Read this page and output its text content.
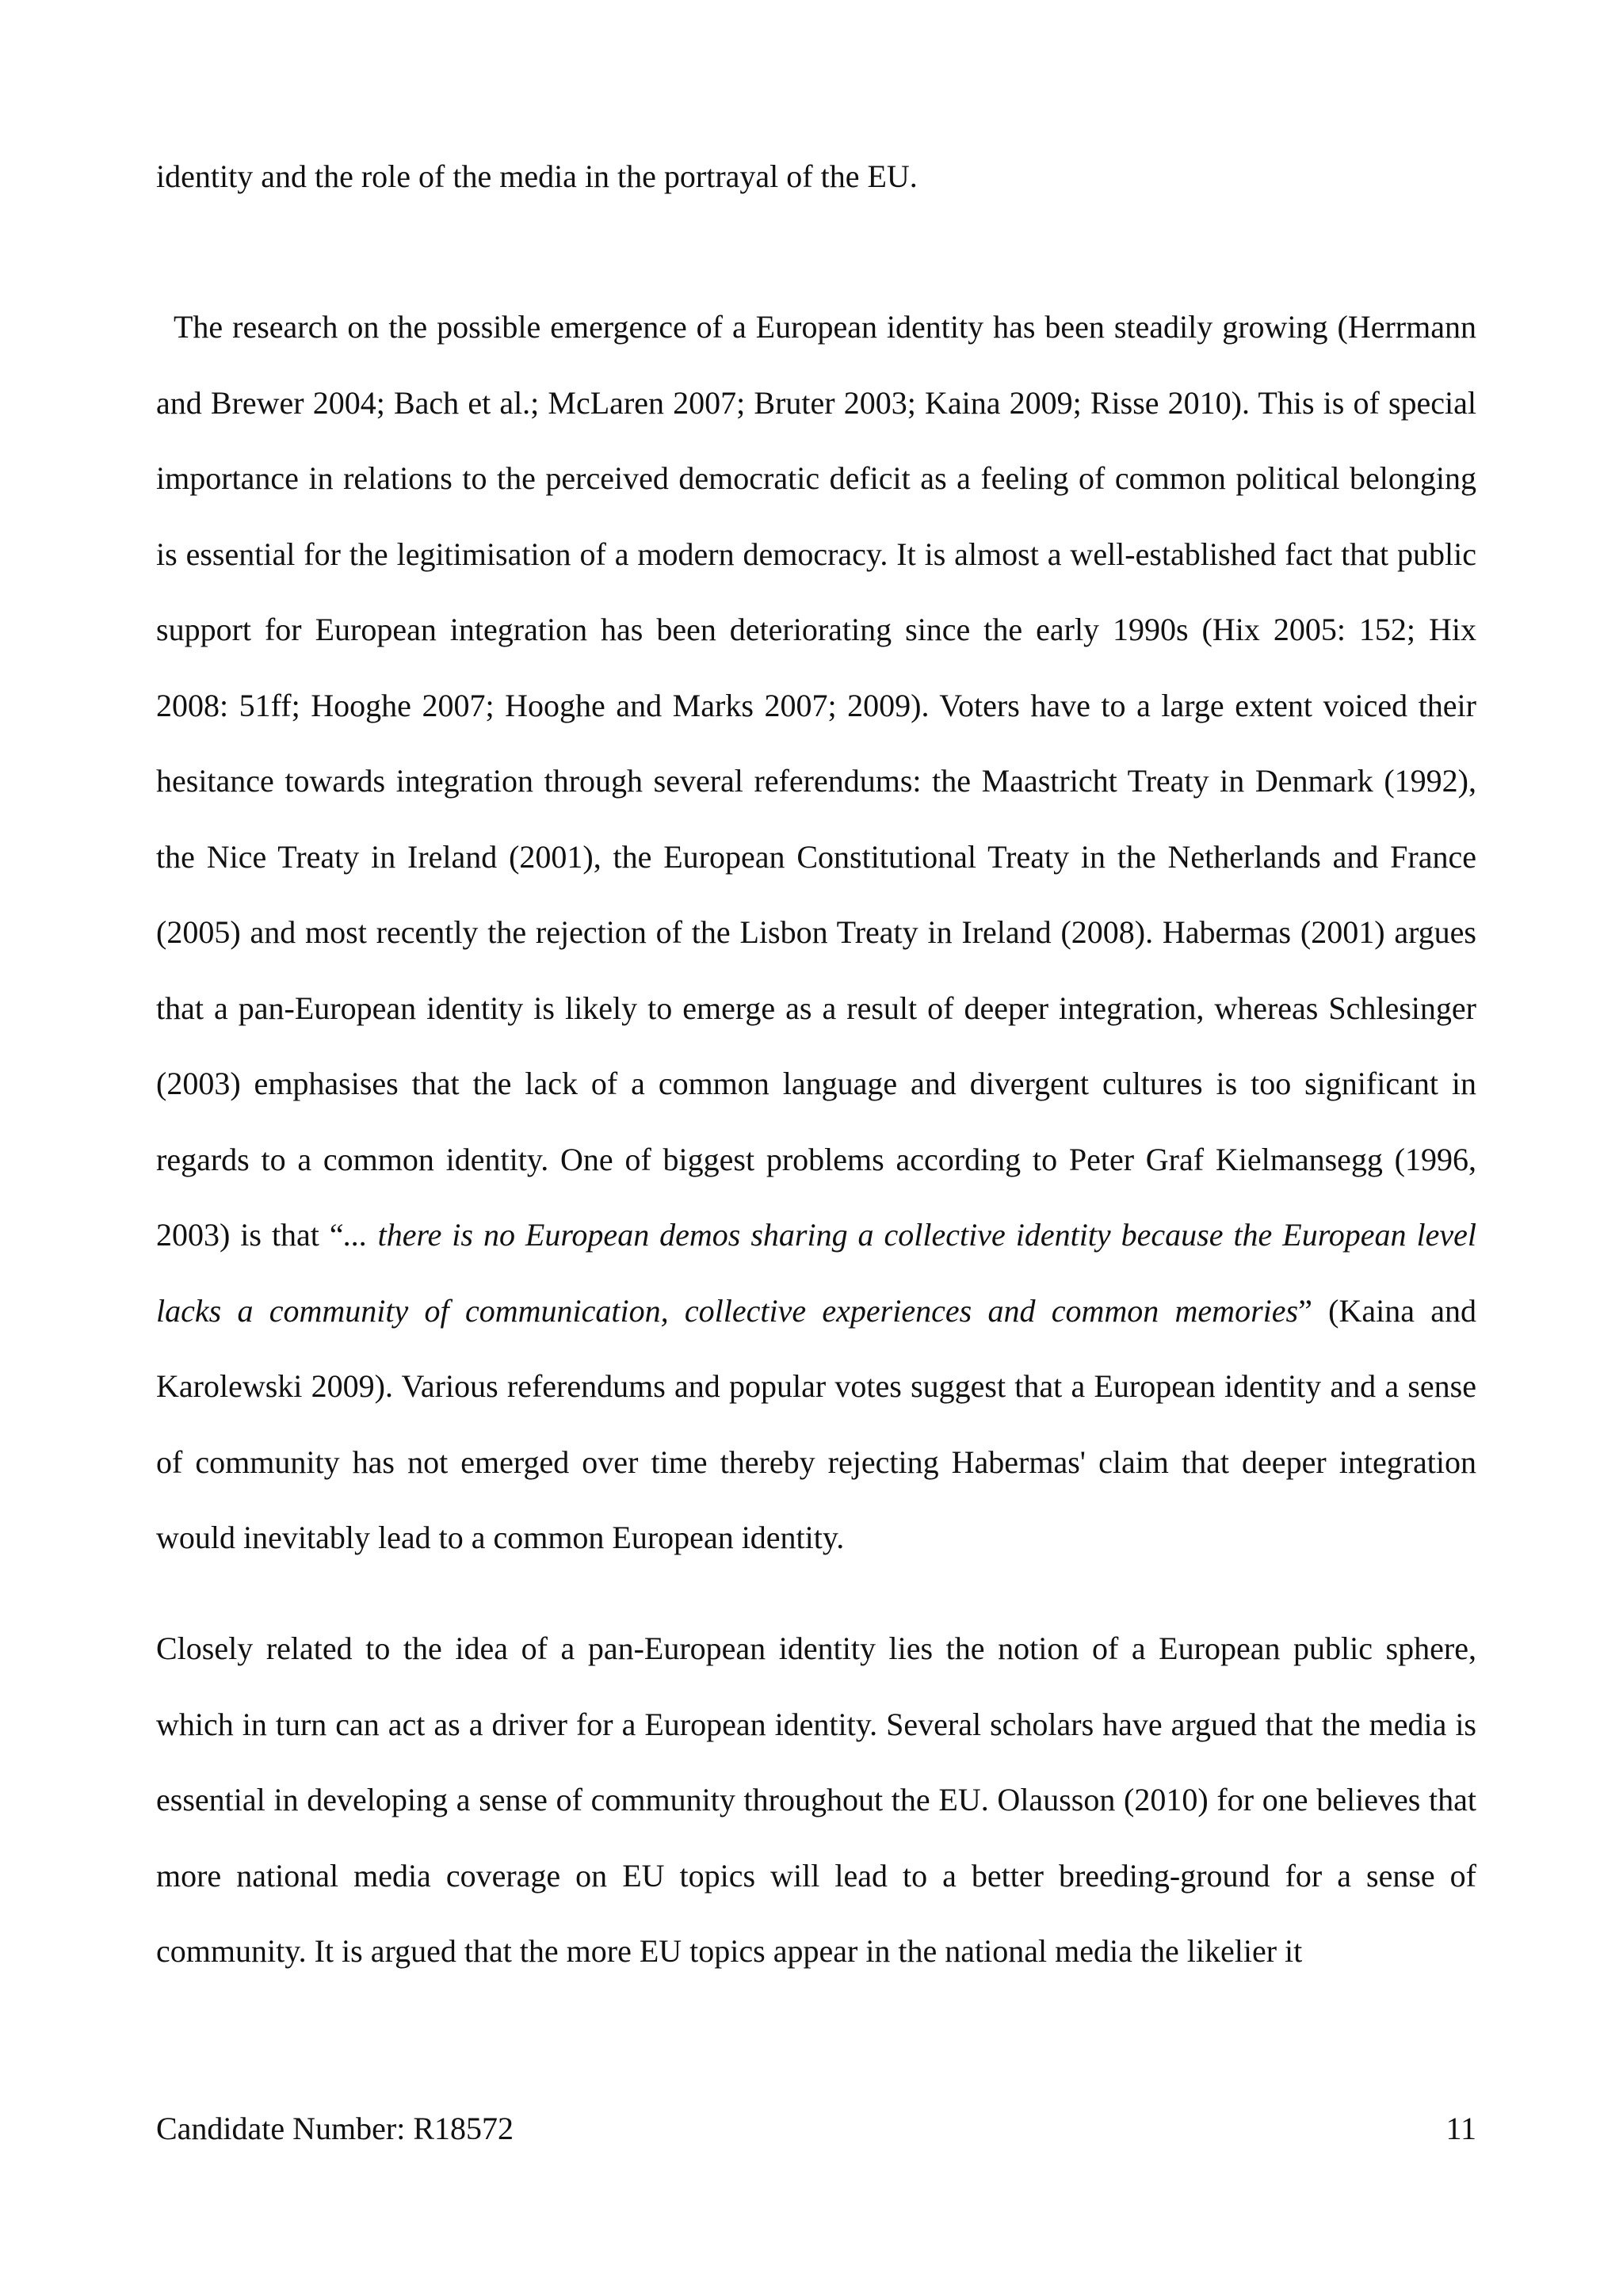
identity and the role of the media in the portrayal of the EU.

The research on the possible emergence of a European identity has been steadily growing (Herrmann and Brewer 2004; Bach et al.; McLaren 2007; Bruter 2003; Kaina 2009; Risse 2010). This is of special importance in relations to the perceived democratic deficit as a feeling of common political belonging is essential for the legitimisation of a modern democracy. It is almost a well-established fact that public support for European integration has been deteriorating since the early 1990s (Hix 2005: 152; Hix 2008: 51ff; Hooghe 2007; Hooghe and Marks 2007; 2009). Voters have to a large extent voiced their hesitance towards integration through several referendums: the Maastricht Treaty in Denmark (1992), the Nice Treaty in Ireland (2001), the European Constitutional Treaty in the Netherlands and France (2005) and most recently the rejection of the Lisbon Treaty in Ireland (2008). Habermas (2001) argues that a pan-European identity is likely to emerge as a result of deeper integration, whereas Schlesinger (2003) emphasises that the lack of a common language and divergent cultures is too significant in regards to a common identity. One of biggest problems according to Peter Graf Kielmansegg (1996, 2003) is that “... there is no European demos sharing a collective identity because the European level lacks a community of communication, collective experiences and common memories” (Kaina and Karolewski 2009). Various referendums and popular votes suggest that a European identity and a sense of community has not emerged over time thereby rejecting Habermas' claim that deeper integration would inevitably lead to a common European identity.

Closely related to the idea of a pan-European identity lies the notion of a European public sphere, which in turn can act as a driver for a European identity. Several scholars have argued that the media is essential in developing a sense of community throughout the EU. Olausson (2010) for one believes that more national media coverage on EU topics will lead to a better breeding-ground for a sense of community. It is argued that the more EU topics appear in the national media the likelier it

Candidate Number: R18572	11
